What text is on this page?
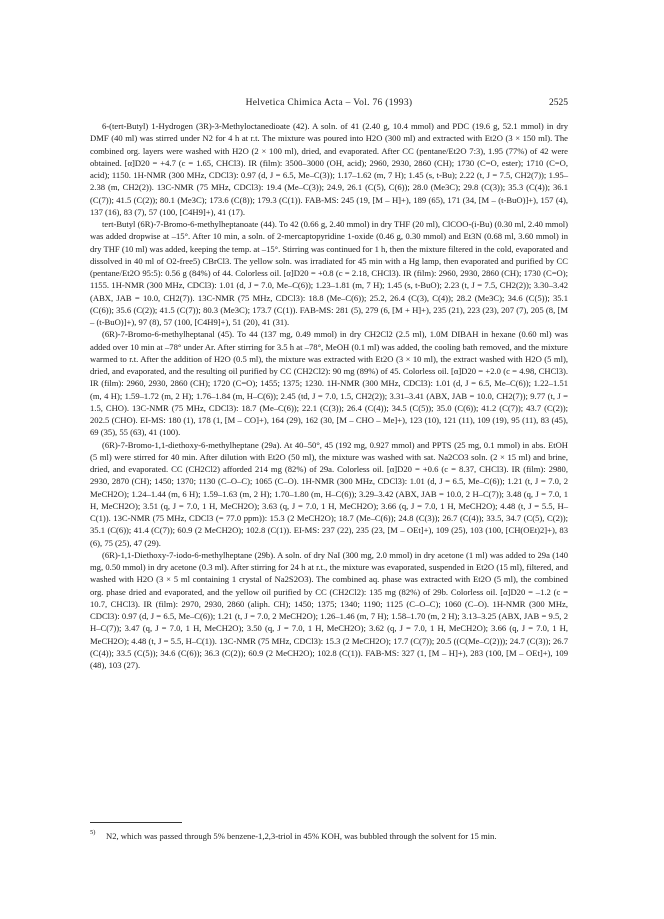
Helvetica Chimica Acta – Vol. 76 (1993)	2525

6-(tert-Butyl) 1-Hydrogen (3R)-3-Methyloctanedioate (42). A soln. of 41 (2.40 g, 10.4 mmol) and PDC (19.6 g, 52.1 mmol) in dry DMF (40 ml) was stirred under N2 for 4 h at r.t. The mixture was poured into H2O (300 ml) and extracted with Et2O (3 × 150 ml). The combined org. layers were washed with H2O (2 × 100 ml), dried, and evaporated. After CC (pentane/Et2O 7:3), 1.95 (77%) of 42 were obtained. [α]D20 = +4.7 (c = 1.65, CHCl3). IR (film): 3500–3000 (OH, acid); 2960, 2930, 2860 (CH); 1730 (C=O, ester); 1710 (C=O, acid); 1150. 1H-NMR (300 MHz, CDCl3): 0.97 (d, J = 6.5, Me–C(3)); 1.17–1.62 (m, 7 H); 1.45 (s, t-Bu); 2.22 (t, J = 7.5, CH2(7)); 1.95–2.38 (m, CH2(2)). 13C-NMR (75 MHz, CDCl3): 19.4 (Me–C(3)); 24.9, 26.1 (C(5), C(6)); 28.0 (Me3C); 29.8 (C(3)); 35.3 (C(4)); 36.1 (C(7)); 41.5 (C(2)); 80.1 (Me3C); 173.6 (C(8)); 179.3 (C(1)). FAB-MS: 245 (19, [M – H]+), 189 (65), 171 (34, [M – (t-BuO)]+), 157 (4), 137 (16), 83 (7), 57 (100, [C4H9]+), 41 (17).

tert-Butyl (6R)-7-Bromo-6-methylheptanoate (44). To 42 (0.66 g, 2.40 mmol) in dry THF (20 ml), ClCOO-(i-Bu) (0.30 ml, 2.40 mmol) was added dropwise at –15°. After 10 min, a soln. of 2-mercaptopyridine 1-oxide (0.46 g, 0.30 mmol) and Et3N (0.68 ml, 3.60 mmol) in dry THF (10 ml) was added, keeping the temp. at –15°. Stirring was continued for 1 h, then the mixture filtered in the cold, evaporated and dissolved in 40 ml of O2-free5) CBrCl3. The yellow soln. was irradiated for 45 min with a Hg lamp, then evaporated and purified by CC (pentane/Et2O 95:5): 0.56 g (84%) of 44. Colorless oil. [α]D20 = +0.8 (c = 2.18, CHCl3). IR (film): 2960, 2930, 2860 (CH); 1730 (C=O); 1155. 1H-NMR (300 MHz, CDCl3): 1.01 (d, J = 7.0, Me–C(6)); 1.23–1.81 (m, 7 H); 1.45 (s, t-BuO); 2.23 (t, J = 7.5, CH2(2)); 3.30–3.42 (ABX, JAB = 10.0, CH2(7)). 13C-NMR (75 MHz, CDCl3): 18.8 (Me–C(6)); 25.2, 26.4 (C(3), C(4)); 28.2 (Me3C); 34.6 (C(5)); 35.1 (C(6)); 35.6 (C(2)); 41.5 (C(7)); 80.3 (Me3C); 173.7 (C(1)). FAB-MS: 281 (5), 279 (6, [M + H]+), 235 (21), 223 (23), 207 (7), 205 (8, [M – (t-BuO)]+), 97 (8), 57 (100, [C4H9]+), 51 (20), 41 (31).

(6R)-7-Bromo-6-methylheptanal (45). To 44 (137 mg, 0.49 mmol) in dry CH2Cl2 (2.5 ml), 1.0M DIBAH in hexane (0.60 ml) was added over 10 min at –78° under Ar. After stirring for 3.5 h at –78°, MeOH (0.1 ml) was added, the cooling bath removed, and the mixture warmed to r.t. After the addition of H2O (0.5 ml), the mixture was extracted with Et2O (3 × 10 ml), the extract washed with H2O (5 ml), dried, and evaporated, and the resulting oil purified by CC (CH2Cl2): 90 mg (89%) of 45. Colorless oil. [α]D20 = +2.0 (c = 4.98, CHCl3). IR (film): 2960, 2930, 2860 (CH); 1720 (C=O); 1455; 1375; 1230. 1H-NMR (300 MHz, CDCl3): 1.01 (d, J = 6.5, Me–C(6)); 1.22–1.51 (m, 4 H); 1.59–1.72 (m, 2 H); 1.76–1.84 (m, H–C(6)); 2.45 (td, J = 7.0, 1.5, CH2(2)); 3.31–3.41 (ABX, JAB = 10.0, CH2(7)); 9.77 (t, J = 1.5, CHO). 13C-NMR (75 MHz, CDCl3): 18.7 (Me–C(6)); 22.1 (C(3)); 26.4 (C(4)); 34.5 (C(5)); 35.0 (C(6)); 41.2 (C(7)); 43.7 (C(2)); 202.5 (CHO). EI-MS: 180 (1), 178 (1, [M – CO]+), 164 (29), 162 (30, [M – CHO – Me]+), 123 (10), 121 (11), 109 (19), 95 (11), 83 (45), 69 (35), 55 (63), 41 (100).

(6R)-7-Bromo-1,1-diethoxy-6-methylheptane (29a). At 40–50°, 45 (192 mg, 0.927 mmol) and PPTS (25 mg, 0.1 mmol) in abs. EtOH (5 ml) were stirred for 40 min. After dilution with Et2O (50 ml), the mixture was washed with sat. Na2CO3 soln. (2 × 15 ml) and brine, dried, and evaporated. CC (CH2Cl2) afforded 214 mg (82%) of 29a. Colorless oil. [α]D20 = +0.6 (c = 8.37, CHCl3). IR (film): 2980, 2930, 2870 (CH); 1450; 1370; 1130 (C–O–C); 1065 (C–O). 1H-NMR (300 MHz, CDCl3): 1.01 (d, J = 6.5, Me–C(6)); 1.21 (t, J = 7.0, 2 MeCH2O); 1.24–1.44 (m, 6 H); 1.59–1.63 (m, 2 H); 1.70–1.80 (m, H–C(6)); 3.29–3.42 (ABX, JAB = 10.0, 2 H–C(7)); 3.48 (q, J = 7.0, 1 H, MeCH2O); 3.51 (q, J = 7.0, 1 H, MeCH2O); 3.63 (q, J = 7.0, 1 H, MeCH2O); 3.66 (q, J = 7.0, 1 H, MeCH2O); 4.48 (t, J = 5.5, H–C(1)). 13C-NMR (75 MHz, CDCl3 (= 77.0 ppm)): 15.3 (2 MeCH2O); 18.7 (Me–C(6)); 24.8 (C(3)); 26.7 (C(4)); 33.5, 34.7 (C(5), C(2)); 35.1 (C(6)); 41.4 (C(7)); 60.9 (2 MeCH2O); 102.8 (C(1)). EI-MS: 237 (22), 235 (23, [M – OEt]+), 109 (25), 103 (100, [CH(OEt)2]+), 83 (6), 75 (25), 47 (29).

(6R)-1,1-Diethoxy-7-iodo-6-methylheptane (29b). A soln. of dry NaI (300 mg, 2.0 mmol) in dry acetone (1 ml) was added to 29a (140 mg, 0.50 mmol) in dry acetone (0.3 ml). After stirring for 24 h at r.t., the mixture was evaporated, suspended in Et2O (15 ml), filtered, and washed with H2O (3 × 5 ml containing 1 crystal of Na2S2O3). The combined aq. phase was extracted with Et2O (5 ml), the combined org. phase dried and evaporated, and the yellow oil purified by CC (CH2Cl2): 135 mg (82%) of 29b. Colorless oil. [α]D20 = –1.2 (c = 10.7, CHCl3). IR (film): 2970, 2930, 2860 (aliph. CH); 1450; 1375; 1340; 1190; 1125 (C–O–C); 1060 (C–O). 1H-NMR (300 MHz, CDCl3): 0.97 (d, J = 6.5, Me–C(6)); 1.21 (t, J = 7.0, 2 MeCH2O); 1.26–1.46 (m, 7 H); 1.58–1.70 (m, 2 H); 3.13–3.25 (ABX, JAB = 9.5, 2 H–C(7)); 3.47 (q, J = 7.0, 1 H, MeCH2O); 3.50 (q, J = 7.0, 1 H, MeCH2O); 3.62 (q, J = 7.0, 1 H, MeCH2O); 3.66 (q, J = 7.0, 1 H, MeCH2O); 4.48 (t, J = 5.5, H–C(1)). 13C-NMR (75 MHz, CDCl3): 15.3 (2 MeCH2O); 17.7 (C(7)); 20.5 ((C(Me–C(2))); 24.7 (C(3)); 26.7 (C(4)); 33.5 (C(5)); 34.6 (C(6)); 36.3 (C(2)); 60.9 (2 MeCH2O); 102.8 (C(1)). FAB-MS: 327 (1, [M – H]+), 283 (100, [M – OEt]+), 109 (48), 103 (27).

5) N2, which was passed through 5% benzene-1,2,3-triol in 45% KOH, was bubbled through the solvent for 15 min.
